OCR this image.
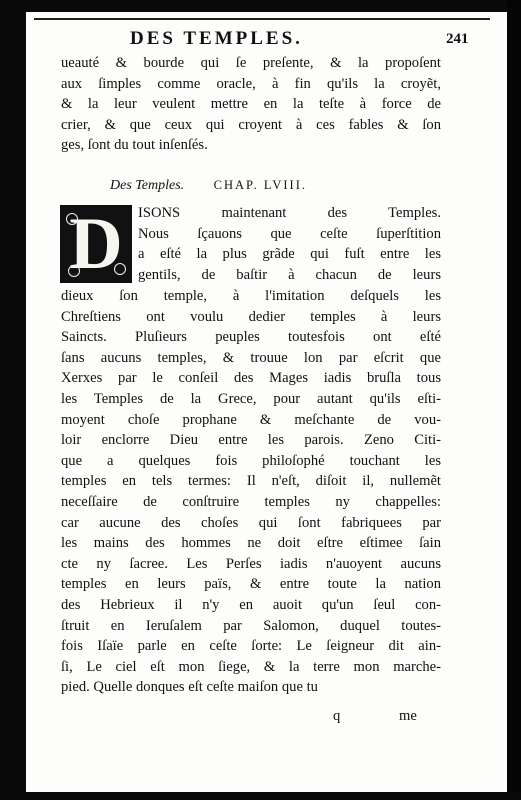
DES TEMPLES.	241
ueauté & bourde qui ſe preſente, & la propoſent
aux ſimples comme oracle, à fin qu'ils la croyẽt,
& la leur veulent mettre en la teſte à force de
crier, & que ceux qui croyent à ces fables & ſon
ges, ſont du tout inſenſés.
Des Temples. CHAP. LVIII.
D ISONS maintenant des Temples.
Nous ſçauons que ceſte ſuperſtition
a eſté la plus grãde qui fuſt entre les
gentils, de baſtir à chacun de leurs
dieux ſon temple, à l'imitation deſquels les
Chreſtiens ont voulu dedier temples à leurs
Saincts. Pluſieurs peuples toutesfois ont eſté
ſans aucuns temples, & trouue lon par eſcrit que
Xerxes par le conſeil des Mages iadis bruſla tous
les Temples de la Grece, pour autant qu'ils eſti-
moyent choſe prophane & meſchante de vou-
loir enclorre Dieu entre les parois. Zeno Citi-
que a quelques fois philoſophé touchant les
temples en tels termes: Il n'eſt, diſoit il, nullemẽt
neceſſaire de conſtruire temples ny chappelles:
car aucune des choſes qui ſont fabriquees par
les mains des hommes ne doit eſtre eſtimee ſain
cte ny ſacree. Les Perſes iadis n'auoyent aucuns
temples en leurs païs, & entre toute la nation
des Hebrieux il n'y en auoit qu'un ſeul con-
ſtruit en Ieruſalem par Salomon, duquel toutes-
fois Iſaïe parle en ceſte ſorte: Le ſeigneur dit ain-
ſi, Le ciel eſt mon ſiege, & la terre mon marche-
pied. Quelle donques eſt ceſte maiſon que tu
q	me
